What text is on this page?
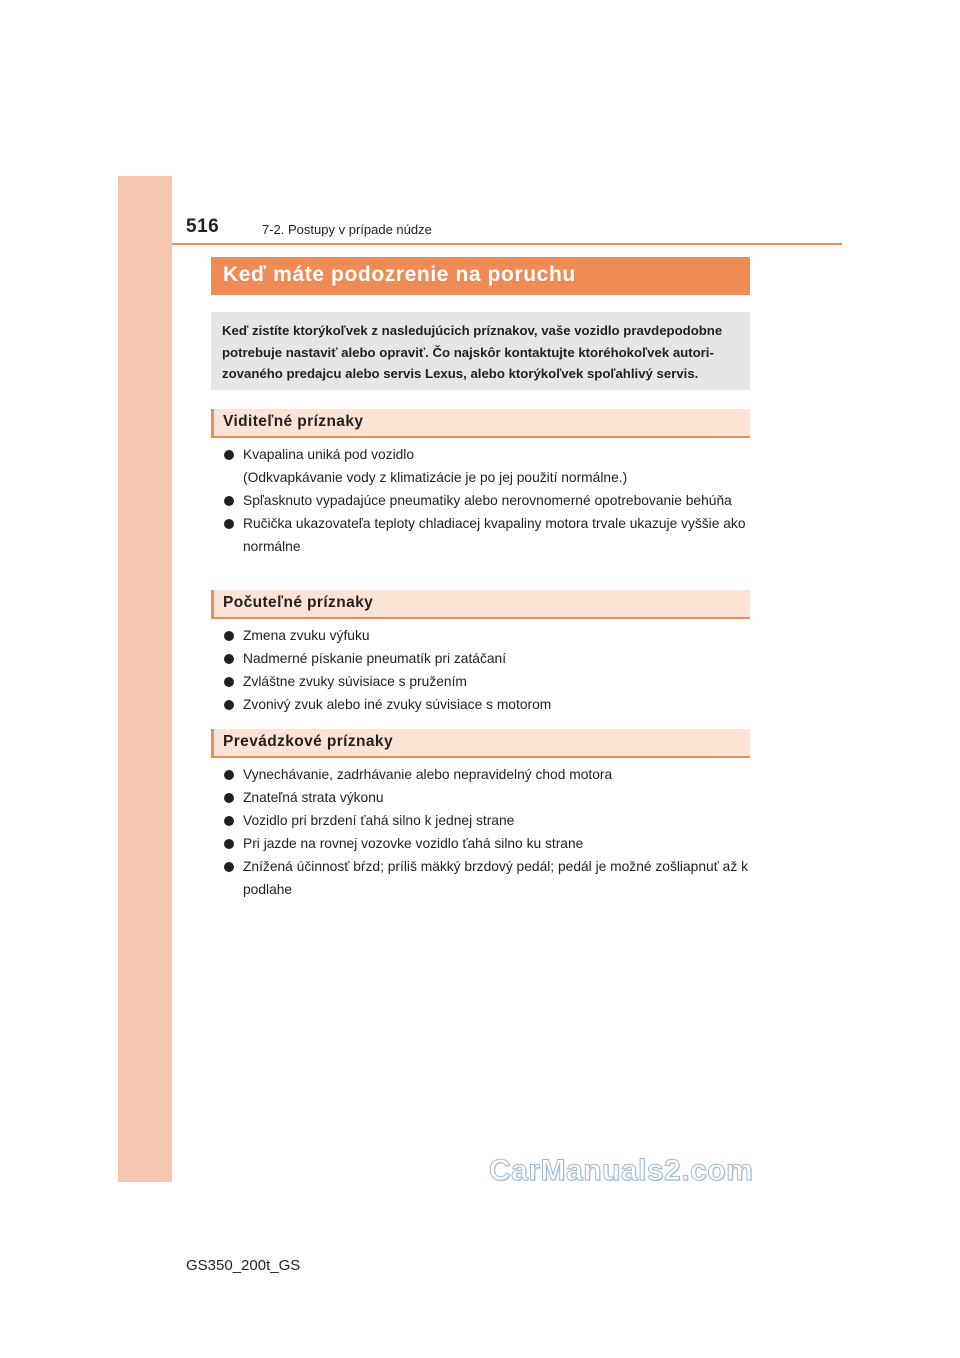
516	7-2. Postupy v prípade núdze
Keď máte podozrenie na poruchu
Keď zistíte ktorýkoľvek z nasledujúcich príznakov, vaše vozidlo pravdepodobne potrebuje nastaviť alebo opraviť. Čo najskôr kontaktujte ktoréhokoľvek autorizovaného predajcu alebo servis Lexus, alebo ktorýkoľvek spoľahlivý servis.
Viditeľné príznaky
Kvapalina uniká pod vozidlo
(Odkvapkávanie vody z klimatizácie je po jej použití normálne.)
Spľasknuto vypadajúce pneumatiky alebo nerovnomerné opotrebovanie behúňa
Ručička ukazovateľa teploty chladiacej kvapaliny motora trvale ukazuje vyššie ako normálne
Počuteľné príznaky
Zmena zvuku výfuku
Nadmerné pískanie pneumatík pri zatáčaní
Zvláštne zvuky súvisiace s pružením
Zvonivý zvuk alebo iné zvuky súvisiace s motorom
Prevádzkové príznaky
Vynechávanie, zadrhávanie alebo nepravidelný chod motora
Znateľná strata výkonu
Vozidlo pri brzdení ťahá silno k jednej strane
Pri jazde na rovnej vozovke vozidlo ťahá silno ku strane
Znížená účinnosť bŕzd; príliš mäkký brzdový pedál; pedál je možné zošliapnuť až k podlahe
CarManuals2.com
GS350_200t_GS
